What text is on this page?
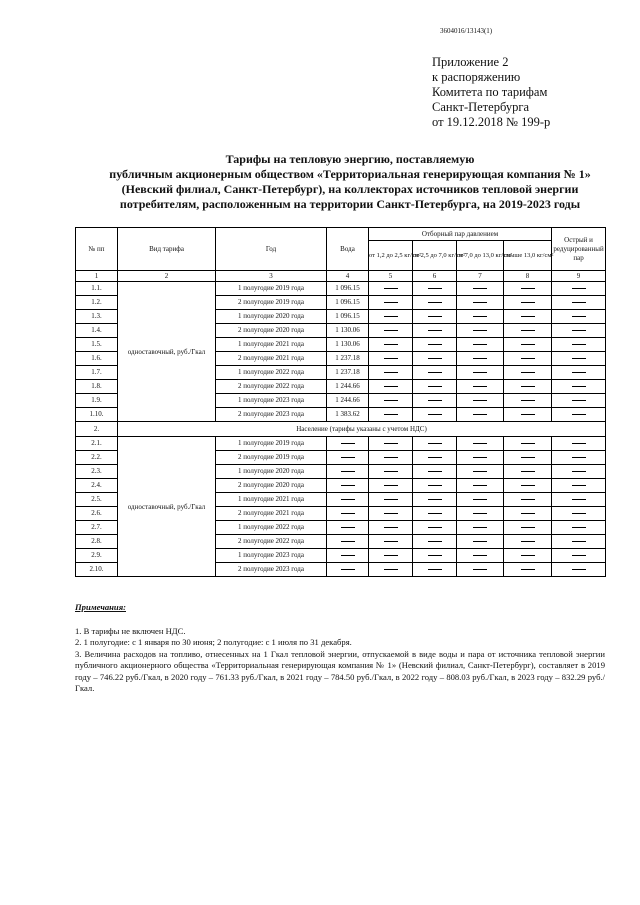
3604016/13143(1)
Приложение 2
к распоряжению
Комитета по тарифам
Санкт-Петербурга
от 19.12.2018 № 199-р
Тарифы на тепловую энергию, поставляемую
публичным акционерным обществом «Территориальная генерирующая компания № 1»
(Невский филиал, Санкт-Петербург), на коллекторах источников тепловой энергии
потребителям, расположенным на территории Санкт-Петербурга, на 2019-2023 годы
№ пп	Вид тарифа	Год	Вода	Отборный пар давлением				Острый и редуцированный пар
				от 1,2 до 2,5 кг/см²	от 2,5 до 7,0 кг/см²	от 7,0 до 13,0 кг/см²	свыше 13,0 кг/см²	
1	2	3	4	5	6	7	8	9
1.1.	одноставочный, руб./Гкал	1 полугодие 2019 года	1 096.15					
1.2.		2 полугодие 2019 года	1 096.15					
1.3.		1 полугодие 2020 года	1 096.15					
1.4.		2 полугодие 2020 года	1 130.06					
1.5.		1 полугодие 2021 года	1 130.06					
1.6.		2 полугодие 2021 года	1 237.18					
1.7.		1 полугодие 2022 года	1 237.18					
1.8.		2 полугодие 2022 года	1 244.66					
1.9.		1 полугодие 2023 года	1 244.66					
1.10.		2 полугодие 2023 года	1 383.62					
2.	Население (тарифы указаны с учетом НДС)							
2.1.	одноставочный, руб./Гкал	1 полугодие 2019 года						
2.2.		2 полугодие 2019 года						
2.3.		1 полугодие 2020 года						
2.4.		2 полугодие 2020 года						
2.5.		1 полугодие 2021 года						
2.6.		2 полугодие 2021 года						
2.7.		1 полугодие 2022 года						
2.8.		2 полугодие 2022 года						
2.9.		1 полугодие 2023 года						
2.10.		2 полугодие 2023 года						
Примечания:
1. В тарифы не включен НДС.
2. 1 полугодие: с 1 января по 30 июня; 2 полугодие: с 1 июля по 31 декабря.
3. Величина расходов на топливо, отнесенных на 1 Гкал тепловой энергии, отпускаемой в виде воды и пара от источника тепловой энергии публичного акционерного общества «Территориальная генерирующая компания № 1» (Невский филиал, Санкт-Петербург), составляет в 2019 году – 746.22 руб./Гкал, в 2020 году – 761.33 руб./Гкал, в 2021 году – 784.50 руб./Гкал, в 2022 году – 808.03 руб./Гкал, в 2023 году – 832.29 руб./Гкал.
